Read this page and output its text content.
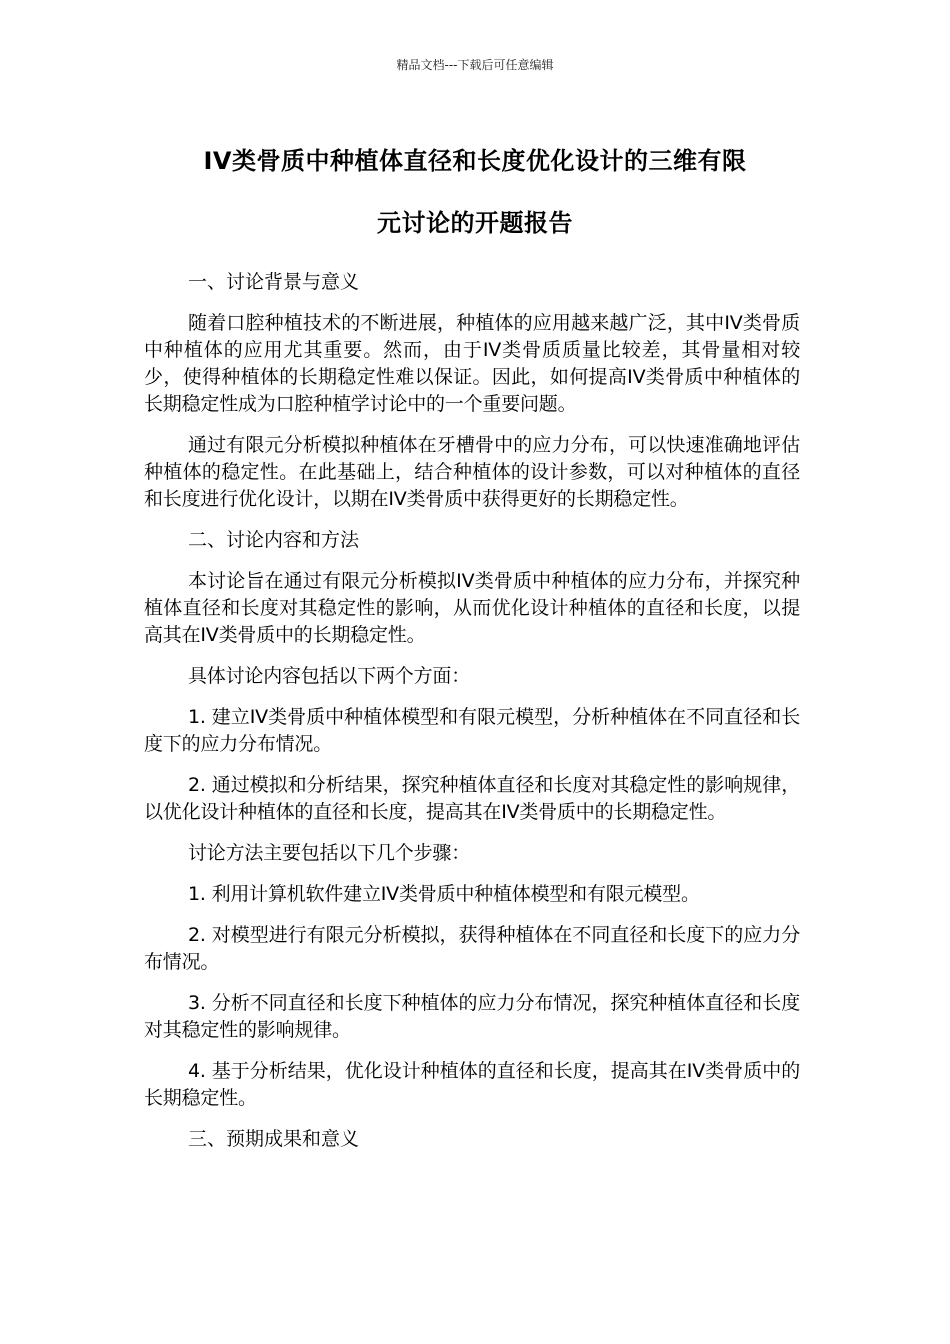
精品文档---下载后可任意编辑
IV类骨质中种植体直径和长度优化设计的三维有限
元讨论的开题报告

一、讨论背景与意义

随着口腔种植技术的不断进展，种植体的应用越来越广泛，其中IV类骨质中种植体的应用尤其重要。然而，由于IV类骨质质量比较差，其骨量相对较少，使得种植体的长期稳定性难以保证。因此，如何提高IV类骨质中种植体的长期稳定性成为口腔种植学讨论中的一个重要问题。

通过有限元分析模拟种植体在牙槽骨中的应力分布，可以快速准确地评估种植体的稳定性。在此基础上，结合种植体的设计参数，可以对种植体的直径和长度进行优化设计，以期在IV类骨质中获得更好的长期稳定性。

二、讨论内容和方法

本讨论旨在通过有限元分析模拟IV类骨质中种植体的应力分布，并探究种植体直径和长度对其稳定性的影响，从而优化设计种植体的直径和长度，以提高其在IV类骨质中的长期稳定性。

具体讨论内容包括以下两个方面：

1. 建立IV类骨质中种植体模型和有限元模型，分析种植体在不同直径和长度下的应力分布情况。

2. 通过模拟和分析结果，探究种植体直径和长度对其稳定性的影响规律，以优化设计种植体的直径和长度，提高其在IV类骨质中的长期稳定性。

讨论方法主要包括以下几个步骤：

1. 利用计算机软件建立IV类骨质中种植体模型和有限元模型。

2. 对模型进行有限元分析模拟，获得种植体在不同直径和长度下的应力分布情况。

3. 分析不同直径和长度下种植体的应力分布情况，探究种植体直径和长度对其稳定性的影响规律。

4. 基于分析结果，优化设计种植体的直径和长度，提高其在IV类骨质中的长期稳定性。

三、预期成果和意义
